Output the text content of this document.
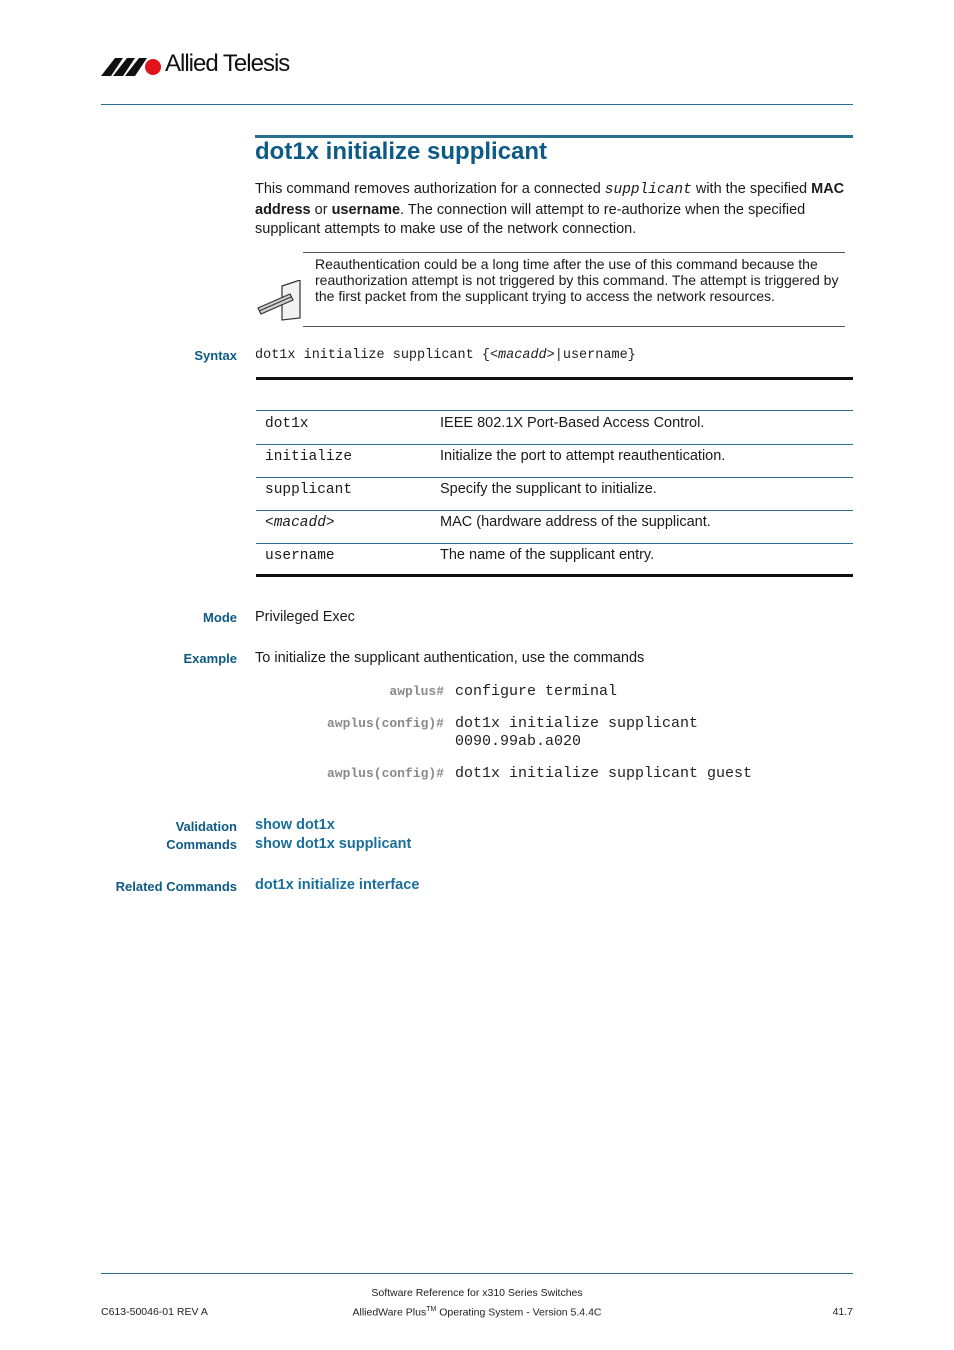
Allied Telesis
dot1x initialize supplicant
This command removes authorization for a connected supplicant with the specified MAC address or username. The connection will attempt to re-authorize when the specified supplicant attempts to make use of the network connection.
Reauthentication could be a long time after the use of this command because the reauthorization attempt is not triggered by this command. The attempt is triggered by the first packet from the supplicant trying to access the network resources.
Syntax dot1x initialize supplicant {<macadd>|username}
dot1x	IEEE 802.1X Port-Based Access Control.
initialize	Initialize the port to attempt reauthentication.
supplicant	Specify the supplicant to initialize.
<macadd>	MAC (hardware address of the supplicant.
username	The name of the supplicant entry.
Mode Privileged Exec
Example To initialize the supplicant authentication, use the commands
awplus# configure terminal
awplus(config)# dot1x initialize supplicant
0090.99ab.a020
awplus(config)# dot1x initialize supplicant guest
Validation
Commands
show dot1x
show dot1x supplicant
Related Commands dot1x initialize interface
Software Reference for x310 Series Switches
C613-50046-01 REV A	AlliedWare Plus™ Operating System - Version 5.4.4C	41.7
